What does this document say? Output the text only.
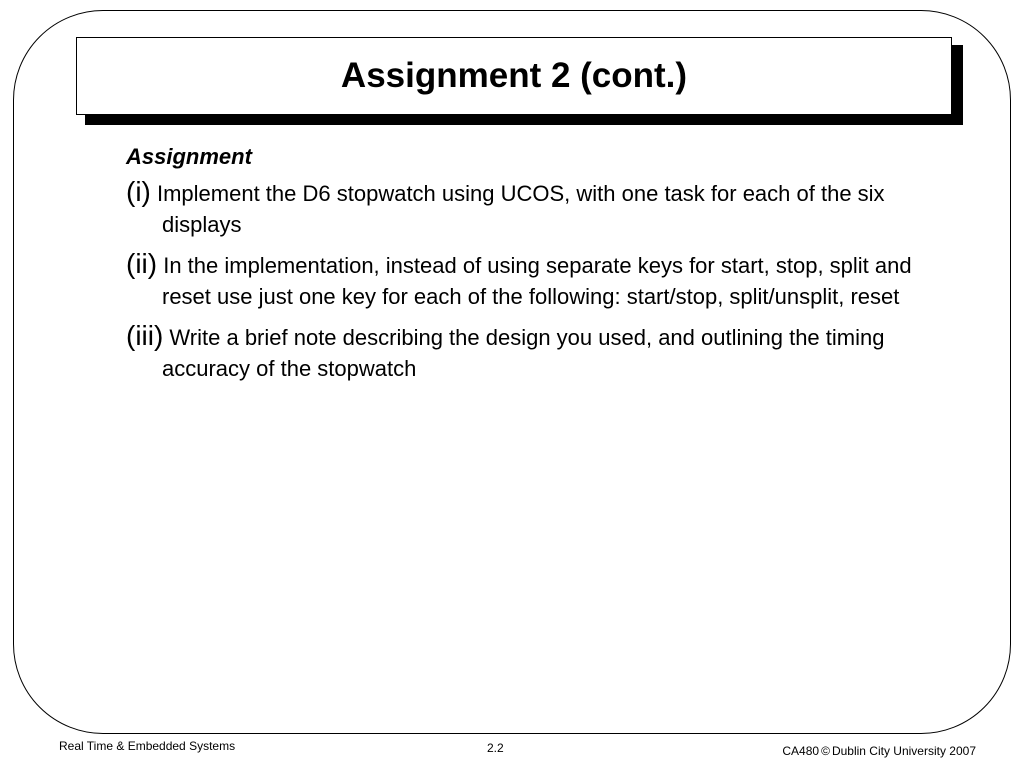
Assignment 2 (cont.)
Assignment
(i) Implement the D6 stopwatch using UCOS, with one task for each of the six displays
(ii) In the implementation, instead of using separate keys for start, stop, split and reset use just one key for each of the following: start/stop, split/unsplit, reset
(iii) Write a brief note describing the design you used, and outlining the timing accuracy of the stopwatch
Real Time & Embedded Systems	2.2	CA480 © Dublin City University 2007
